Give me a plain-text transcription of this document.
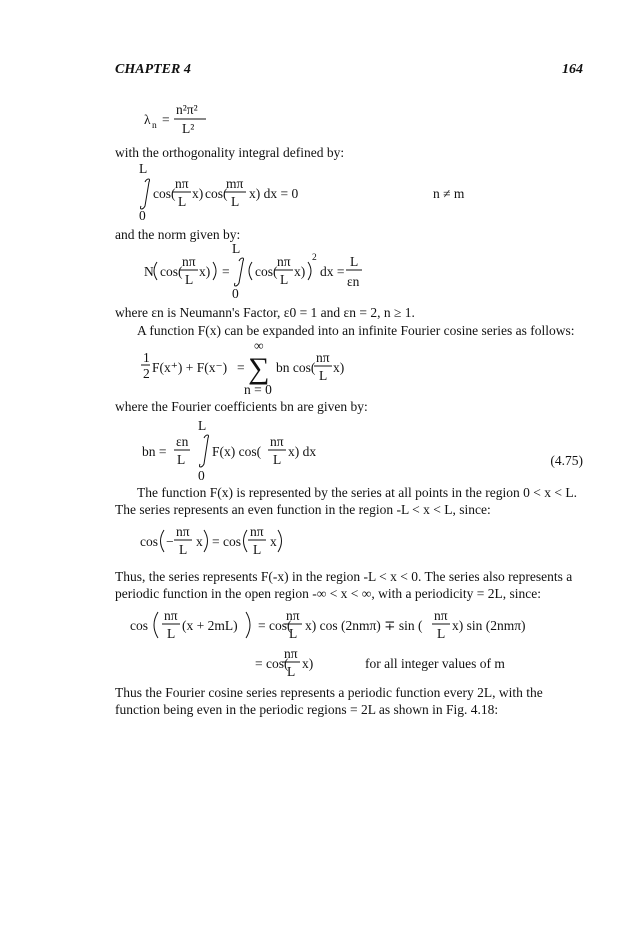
CHAPTER 4	164
λ n =
n²π²
L²

with the orthogonality integral defined by:

L
0
cos(
nπ
L
x) cos(
mπ
L
x) dx = 0	n ≠ m

and the norm given by:

N cos(
nπ
L
x) =
L
0
cos(
nπ
L
x)
2
dx =
L
εn

where εn is Neumann's Factor, ε0 = 1 and εn = 2, n ≥ 1.

A function F(x) can be expanded into an infinite Fourier cosine series as follows:

1
2 F(x⁺) + F(x⁻) =
∞
∑
n = 0
bn cos(
nπ
L
x)

where the Fourier coefficients bn are given by:

bn =
εn
L
L
0
F(x) cos(
nπ
L
x) dx
(4.75)

The function F(x) is represented by the series at all points in the region 0 < x < L. The series represents an even function in the region -L < x < L, since:

cos −
nπ
L
x = cos
nπ
L
x

Thus, the series represents F(-x) in the region -L < x < 0. The series also represents a periodic function in the open region -∞ < x < ∞, with a periodicity = 2L, since:

cos
nπ
L
(x + 2mL) = cos(
nπ
L
x) cos (2nmπ) ∓ sin (
nπ
L
x) sin (2nmπ)
= cos(
nπ
L
x)	for all integer values of m

Thus the Fourier cosine series represents a periodic function every 2L, with the function being even in the periodic regions = 2L as shown in Fig. 4.18:
